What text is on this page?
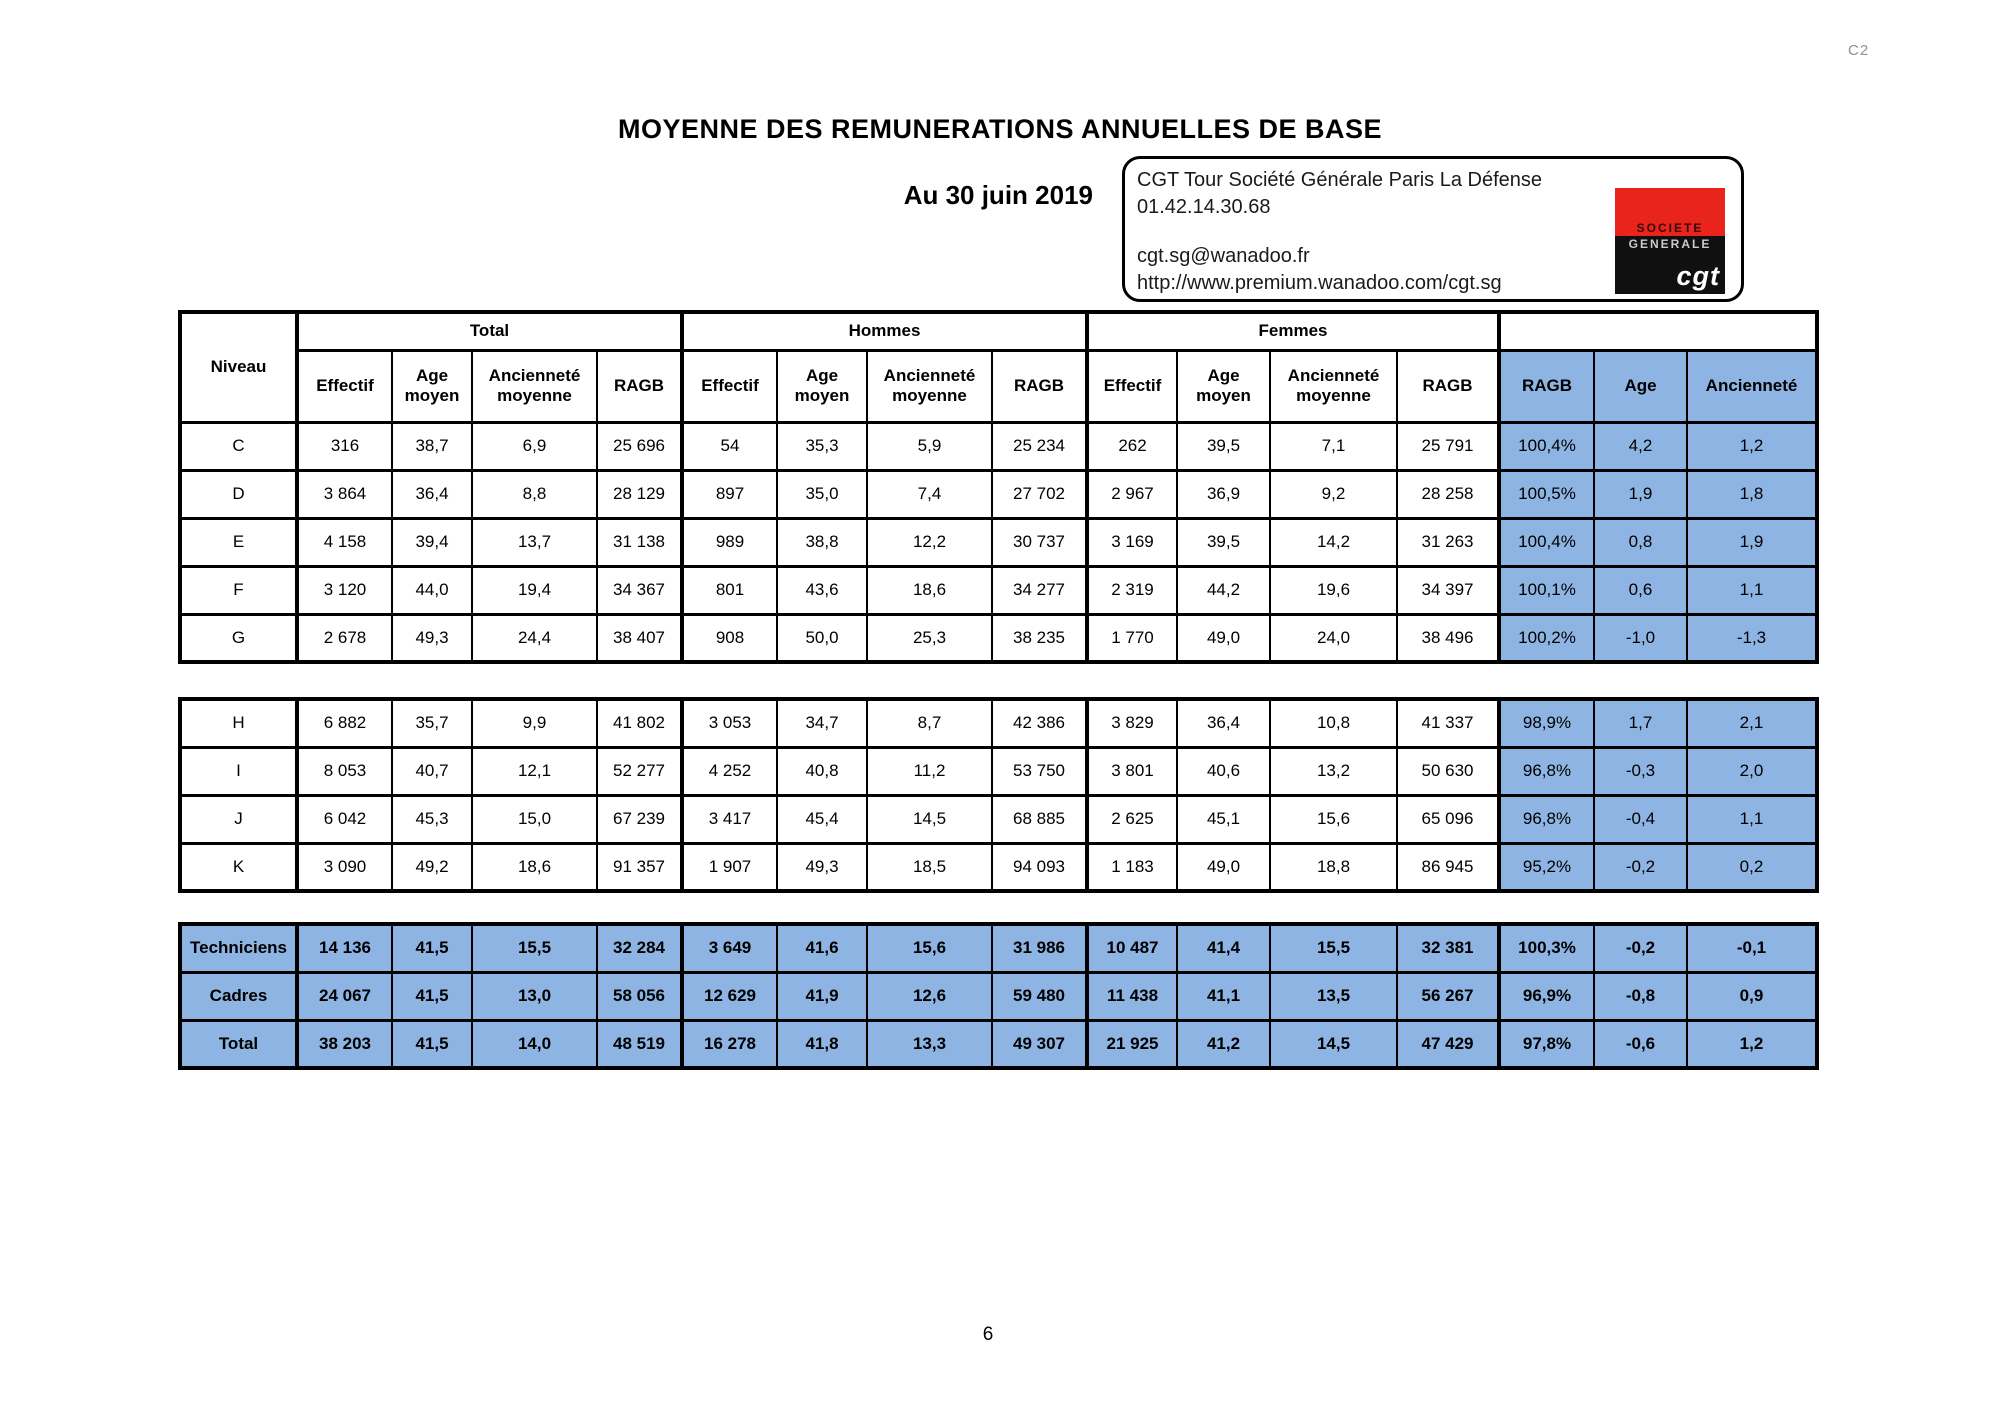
C2
MOYENNE DES REMUNERATIONS ANNUELLES DE BASE
Au 30 juin 2019 CGT Tour Société Générale Paris La Défense
01.42.14.30.68
cgt.sg@wanadoo.fr
http://www.premium.wanadoo.com/cgt.sg
SOCIETE
GENERALE
cgt
Niveau	Total				Hommes				Femmes						
	Effectif	Age moyen	Ancienneté moyenne	RAGB	Effectif	Age moyen	Ancienneté moyenne	RAGB	Effectif	Age moyen	Ancienneté moyenne	RAGB	RAGB	Age	Ancienneté
C	316	38,7	6,9	25 696	54	35,3	5,9	25 234	262	39,5	7,1	25 791	100,4%	4,2	1,2
D	3 864	36,4	8,8	28 129	897	35,0	7,4	27 702	2 967	36,9	9,2	28 258	100,5%	1,9	1,8
E	4 158	39,4	13,7	31 138	989	38,8	12,2	30 737	3 169	39,5	14,2	31 263	100,4%	0,8	1,9
F	3 120	44,0	19,4	34 367	801	43,6	18,6	34 277	2 319	44,2	19,6	34 397	100,1%	0,6	1,1
G	2 678	49,3	24,4	38 407	908	50,0	25,3	38 235	1 770	49,0	24,0	38 496	100,2%	-1,0	-1,3
H	6 882	35,7	9,9	41 802	3 053	34,7	8,7	42 386	3 829	36,4	10,8	41 337	98,9%	1,7	2,1
I	8 053	40,7	12,1	52 277	4 252	40,8	11,2	53 750	3 801	40,6	13,2	50 630	96,8%	-0,3	2,0
J	6 042	45,3	15,0	67 239	3 417	45,4	14,5	68 885	2 625	45,1	15,6	65 096	96,8%	-0,4	1,1
K	3 090	49,2	18,6	91 357	1 907	49,3	18,5	94 093	1 183	49,0	18,8	86 945	95,2%	-0,2	0,2
Techniciens	14 136	41,5	15,5	32 284	3 649	41,6	15,6	31 986	10 487	41,4	15,5	32 381	100,3%	-0,2	-0,1
Cadres	24 067	41,5	13,0	58 056	12 629	41,9	12,6	59 480	11 438	41,1	13,5	56 267	96,9%	-0,8	0,9
Total	38 203	41,5	14,0	48 519	16 278	41,8	13,3	49 307	21 925	41,2	14,5	47 429	97,8%	-0,6	1,2
6
